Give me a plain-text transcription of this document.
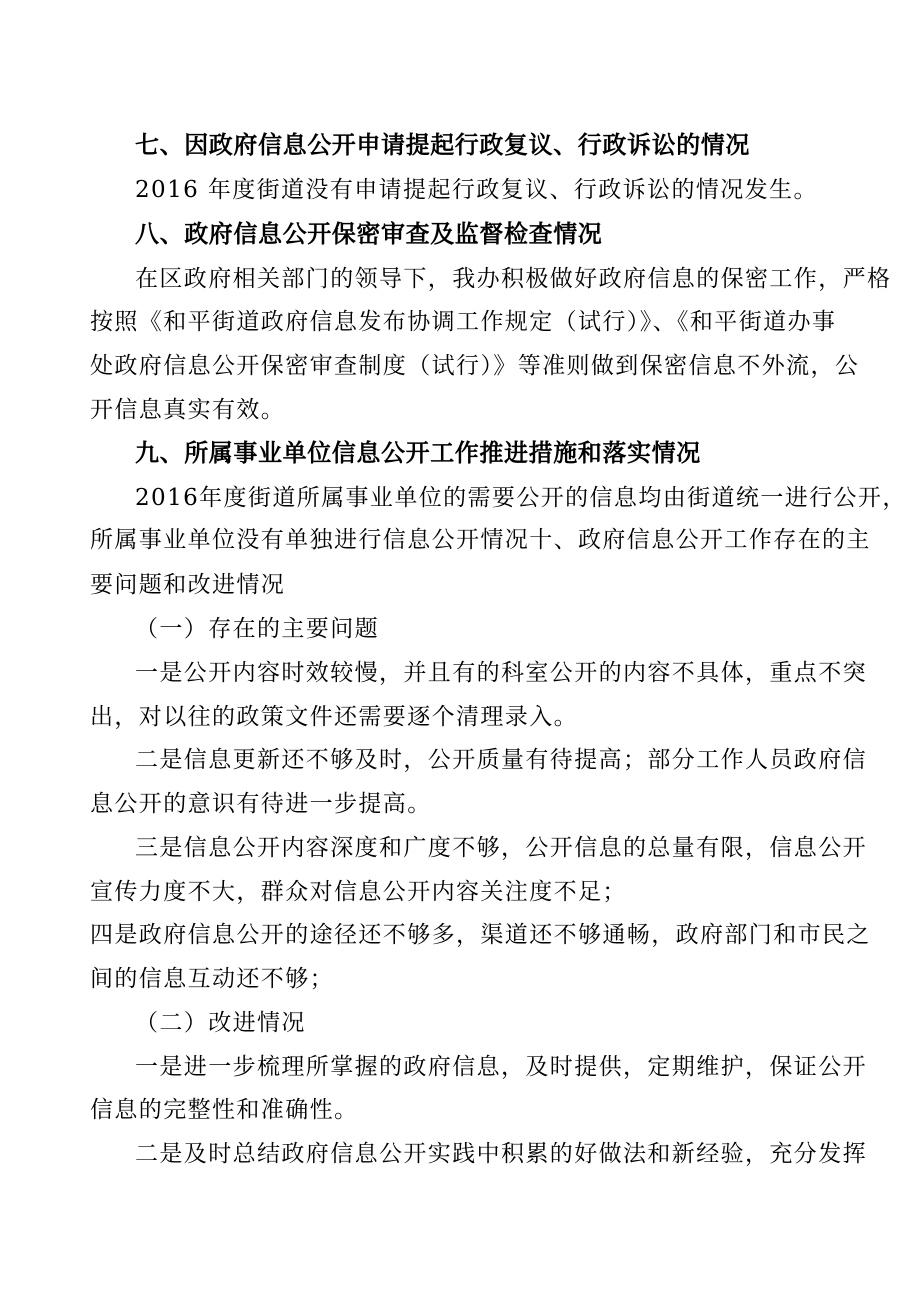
七、因政府信息公开申请提起行政复议、行政诉讼的情况
2016 年度街道没有申请提起行政复议、行政诉讼的情况发生。
八、政府信息公开保密审查及监督检查情况
在区政府相关部门的领导下，我办积极做好政府信息的保密工作，严格
按照《和平街道政府信息发布协调工作规定（试行）》、《和平街道办事
处政府信息公开保密审查制度（试行）》等准则做到保密信息不外流，公
开信息真实有效。
九、所属事业单位信息公开工作推进措施和落实情况
2016年度街道所属事业单位的需要公开的信息均由街道统一进行公开，
所属事业单位没有单独进行信息公开情况十、政府信息公开工作存在的主
要问题和改进情况
（一）存在的主要问题
一是公开内容时效较慢，并且有的科室公开的内容不具体，重点不突
出，对以往的政策文件还需要逐个清理录入。
二是信息更新还不够及时，公开质量有待提高；部分工作人员政府信
息公开的意识有待进一步提高。
三是信息公开内容深度和广度不够，公开信息的总量有限，信息公开
宣传力度不大，群众对信息公开内容关注度不足；
四是政府信息公开的途径还不够多，渠道还不够通畅，政府部门和市民之
间的信息互动还不够；
（二）改进情况
一是进一步梳理所掌握的政府信息，及时提供，定期维护，保证公开
信息的完整性和准确性。
二是及时总结政府信息公开实践中积累的好做法和新经验，充分发挥
